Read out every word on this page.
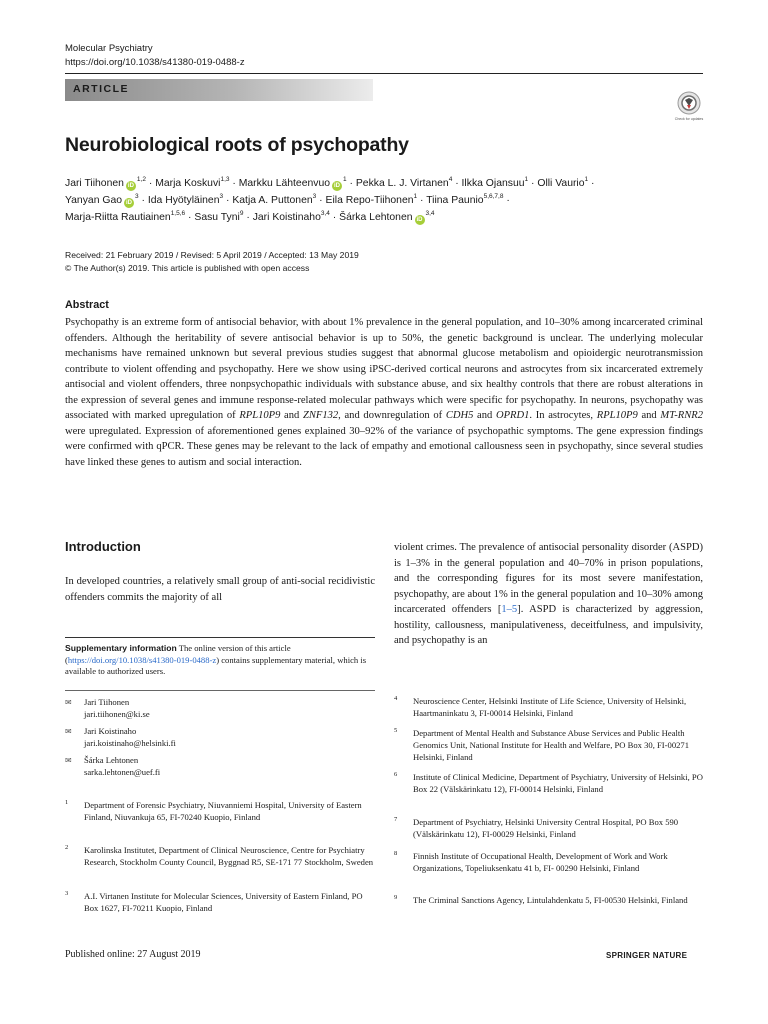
Molecular Psychiatry
https://doi.org/10.1038/s41380-019-0488-z
ARTICLE
Check for updates
Neurobiological roots of psychopathy
Jari Tiihonen iD$^{1,2}$ · Marja Koskuvi$^{1,3}$ · Markku Lähteenvuo $iD^1$ · Pekka L. J. Virtanen$^4$ · Ilkka Ojansuu$^1$ · Olli Vaurio$^1$ ·
Yanyan Gao $iD^3$ · Ida Hyötyläinen$^3$ · Katja A. Puttonen$^3$ · Eila Repo-Tiihonen$^1$ · Tiina Paunio$^{5,6,7,8}$ ·
Marja-Riitta Rautiainen$^{1,5,6}$ · Sasu Tyni$^9$ · Jari Koistinaho$^{3,4}$ · Šárka Lehtonen iD$^{3,4}$
Received: 21 February 2019 / Revised: 5 April 2019 / Accepted: 13 May 2019
© The Author(s) 2019. This article is published with open access
Abstract
Psychopathy is an extreme form of antisocial behavior, with about 1% prevalence in the general population, and 10–30% among incarcerated criminal offenders. Although the heritability of severe antisocial behavior is up to 50%, the genetic background is unclear. The underlying molecular mechanisms have remained unknown but several previous studies suggest that abnormal glucose metabolism and opioidergic neurotransmission contribute to violent offending and psychopathy. Here we show using iPSC-derived cortical neurons and astrocytes from six incarcerated extremely antisocial and violent offenders, three nonpsychopathic individuals with substance abuse, and six healthy controls that there are robust alterations in the expression of several genes and immune response-related molecular pathways which were specific for psychopathy. In neurons, psychopathy was associated with marked upregulation of RPL10P9 and ZNF132, and downregulation of CDH5 and OPRD1. In astrocytes, RPL10P9 and MT-RNR2 were upregulated. Expression of aforementioned genes explained 30–92% of the variance of psychopathic symptoms. The gene expression findings were confirmed with qPCR. These genes may be relevant to the lack of empathy and emotional callousness seen in psychopathy, since several studies have linked these genes to autism and social interaction.
Introduction
In developed countries, a relatively small group of anti-social recidivistic offenders commits the majority of all
violent crimes. The prevalence of antisocial personality disorder (ASPD) is 1–3% in the general population and 40–70% in prison populations, and the corresponding figures for its most severe manifestation, psychopathy, are about 1% in the general population and 10–30% among incarcerated offenders [1–5]. ASPD is characterized by aggression, hostility, callousness, manipulativeness, deceitfulness, and impulsivity, and psychopathy is an
Supplementary information The online version of this article (https://doi.org/10.1038/s41380-019-0488-z) contains supplementary material, which is available to authorized users.
✉ Jari Tiihonen
jari.tiihonen@ki.se
✉ Jari Koistinaho
jari.koistinaho@helsinki.fi
✉ Šárka Lehtonen
sarka.lehtonen@uef.fi
1 Department of Forensic Psychiatry, Niuvanniemi Hospital, University of Eastern Finland, Niuvankuja 65, FI-70240 Kuopio, Finland
2 Karolinska Institutet, Department of Clinical Neuroscience, Centre for Psychiatry Research, Stockholm County Council, Byggnad R5, SE-171 77 Stockholm, Sweden
3 A.I. Virtanen Institute for Molecular Sciences, University of Eastern Finland, PO Box 1627, FI-70211 Kuopio, Finland
4 Neuroscience Center, Helsinki Institute of Life Science, University of Helsinki, Haartmaninkatu 3, FI-00014 Helsinki, Finland
5 Department of Mental Health and Substance Abuse Services and Public Health Genomics Unit, National Institute for Health and Welfare, PO Box 30, FI-00271 Helsinki, Finland
6 Institute of Clinical Medicine, Department of Psychiatry, University of Helsinki, PO Box 22 (Välskärinkatu 12), FI-00014 Helsinki, Finland
7 Department of Psychiatry, Helsinki University Central Hospital, PO Box 590 (Välskärinkatu 12), FI-00029 Helsinki, Finland
8 Finnish Institute of Occupational Health, Development of Work and Work Organizations, Topeliuksenkatu 41 b, FI- 00290 Helsinki, Finland
9 The Criminal Sanctions Agency, Lintulahdenkatu 5, FI-00530 Helsinki, Finland
Published online: 27 August 2019	SPRINGER NATURE
